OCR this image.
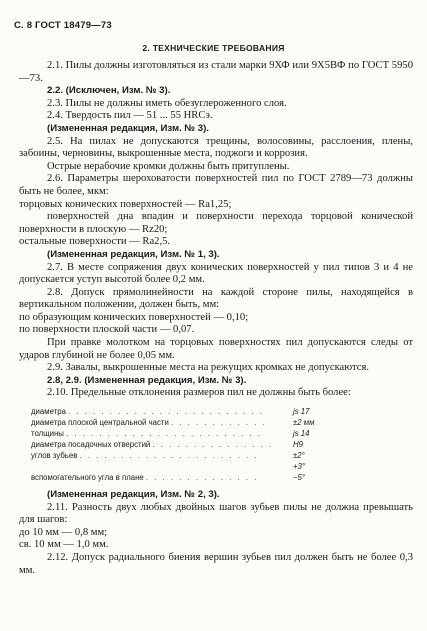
С. 8 ГОСТ 18479—73
2. ТЕХНИЧЕСКИЕ ТРЕБОВАНИЯ

2.1. Пилы должны изготовляться из стали марки 9ХФ или 9Х5ВФ по ГОСТ 5950—73.

2.2. (Исключен, Изм. № 3).

2.3. Пилы не должны иметь обезуглероженного слоя.

2.4. Твердость пил — 51 ... 55 HRCэ.

(Измененная редакция, Изм. № 3).

2.5. На пилах не допускаются трещины, волосовины, расслоения, плены, забоины, черновины, выкрошенные места, поджоги и коррозия.

Острые нерабочие кромки должны быть притуплены.

2.6. Параметры шероховатости поверхностей пил по ГОСТ 2789—73 должны быть не более, мкм:

торцовых конических поверхностей — Ra1,25;

поверхностей дна впадин и поверхности перехода торцовой конической поверхности в плоскую — Rz20;

остальные поверхности — Ra2,5.

(Измененная редакция, Изм. № 1, 3).

2.7. В месте сопряжения двух конических поверхностей у пил типов 3 и 4 не допускается уступ высотой более 0,2 мм.

2.8. Допуск прямолинейности на каждой стороне пилы, находящейся в вертикальном положении, должен быть, мм:

по образующим конических поверхностей — 0,10;

по поверхности плоской части — 0,07.

При правке молотком на торцовых поверхностях пил допускаются следы от ударов глубиной не более 0,05 мм.

2.9. Завалы, выкрошенные места на режущих кромках не допускаются.

2.8, 2.9. (Измененная редакция, Изм. № 3).

2.10. Предельные отклонения размеров пил не должны быть более:

диаметра . . . . . . . . . . . . . . . . . . . . . . . .	js 17
диаметра плоской центральной части . . . . . . . . . . . .	±2 мм
толщины . . . . . . . . . . . . . . . . . . . . . . . .	js 14
диаметра посадочных отверстий . . . . . . . . . . . . . . .	H9
углов зубьев . . . . . . . . . . . . . . . . . . . . . .	±2°
	+3°
вспомогательного угла в плане . . . . . . . . . . . . . .	−5°

(Измененная редакция, Изм. № 2, 3).

2.11. Разность двух любых двойных шагов зубьев пилы не должна превышать для шагов:

до 10 мм — 0,8 мм;

св. 10 мм — 1,0 мм.

2.12. Допуск радиального биения вершин зубьев пил должен быть не более 0,3 мм.
